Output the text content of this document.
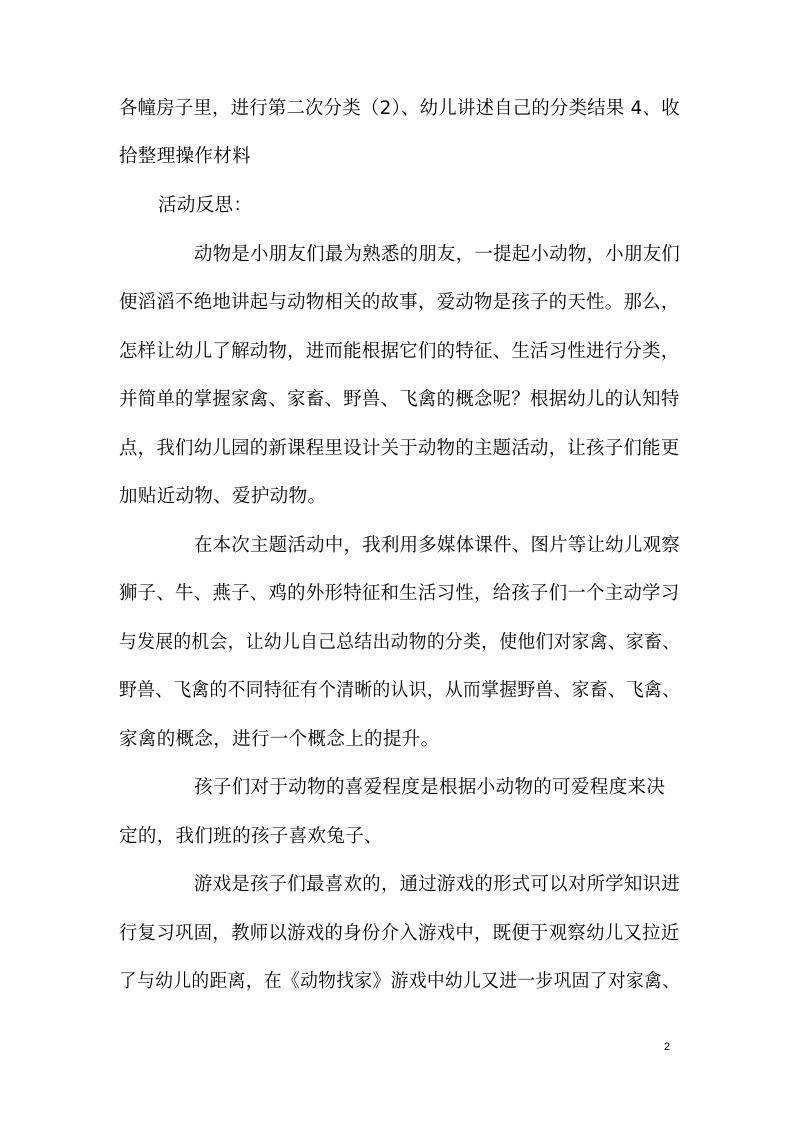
各幢房子里，进行第二次分类（2）、幼儿讲述自己的分类结果 4、收
拾整理操作材料
活动反思：
动物是小朋友们最为熟悉的朋友，一提起小动物，小朋友们
便滔滔不绝地讲起与动物相关的故事，爱动物是孩子的天性。那么，
怎样让幼儿了解动物，进而能根据它们的特征、生活习性进行分类，
并简单的掌握家禽、家畜、野兽、飞禽的概念呢？根据幼儿的认知特
点，我们幼儿园的新课程里设计关于动物的主题活动，让孩子们能更
加贴近动物、爱护动物。
在本次主题活动中，我利用多媒体课件、图片等让幼儿观察
狮子、牛、燕子、鸡的外形特征和生活习性，给孩子们一个主动学习
与发展的机会，让幼儿自己总结出动物的分类，使他们对家禽、家畜、
野兽、飞禽的不同特征有个清晰的认识，从而掌握野兽、家畜、飞禽、
家禽的概念，进行一个概念上的提升。
孩子们对于动物的喜爱程度是根据小动物的可爱程度来决
定的，我们班的孩子喜欢兔子、
游戏是孩子们最喜欢的，通过游戏的形式可以对所学知识进
行复习巩固，教师以游戏的身份介入游戏中，既便于观察幼儿又拉近
了与幼儿的距离，在《动物找家》游戏中幼儿又进一步巩固了对家禽、
2
